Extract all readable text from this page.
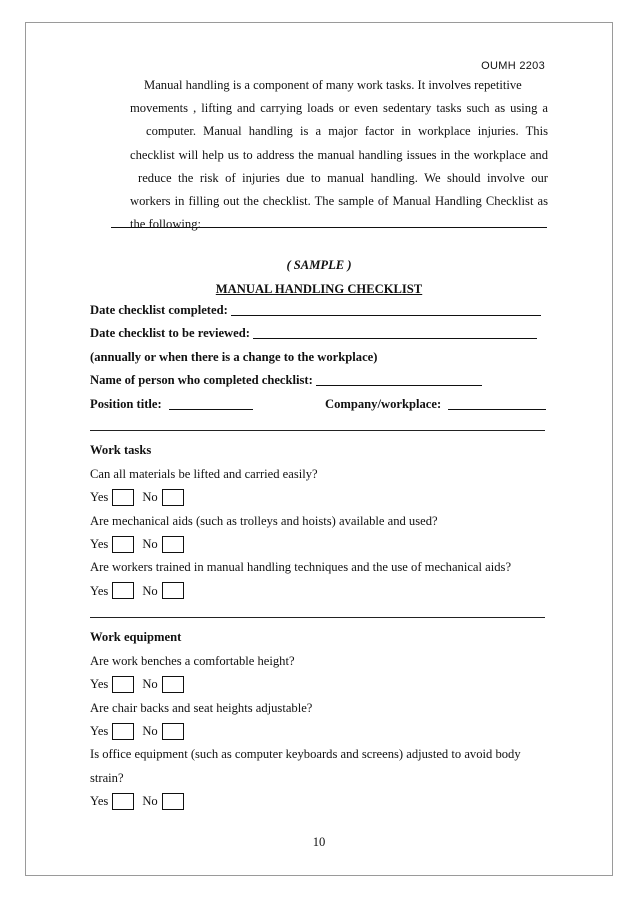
OUMH 2203
Manual handling is a component of many work tasks. It involves repetitive
movements , lifting and carrying loads or even sedentary tasks such as using a
computer. Manual handling is a major factor in workplace injuries. This
checklist will help us to address the manual handling issues in the workplace and
reduce the risk of injuries due to manual handling. We should involve our
workers in filling out the checklist. The sample of Manual Handling Checklist as
the following:
( SAMPLE )
MANUAL HANDLING CHECKLIST
Date checklist completed:
Date checklist to be reviewed:
(annually or when there is a change to the workplace)
Name of person who completed checklist:
Position title:	Company/workplace:
Work tasks
Can all materials be lifted and carried easily?
Yes	No
Are mechanical aids (such as trolleys and hoists) available and used?
Yes	No
Are workers trained in manual handling techniques and the use of mechanical aids?
Yes	No
Work equipment
Are work benches a comfortable height?
Yes	No
Are chair backs and seat heights adjustable?
Yes	No
Is office equipment (such as computer keyboards and screens) adjusted to avoid body
strain?
Yes	No
10
